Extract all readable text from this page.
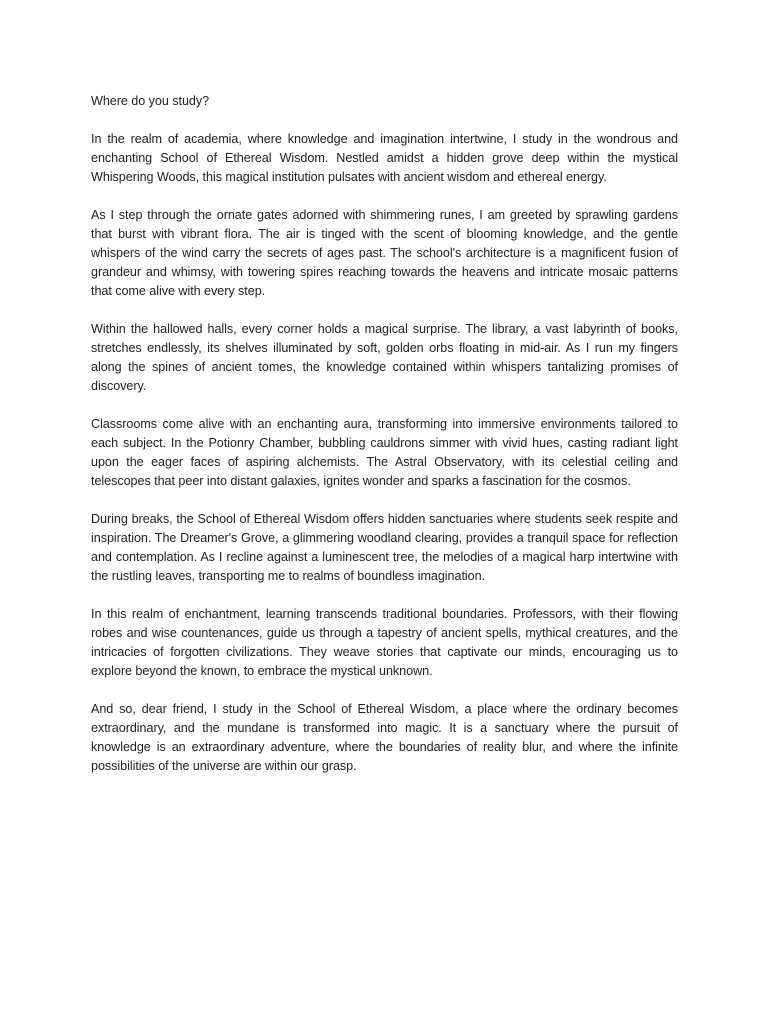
Where do you study?

In the realm of academia, where knowledge and imagination intertwine, I study in the wondrous and enchanting School of Ethereal Wisdom. Nestled amidst a hidden grove deep within the mystical Whispering Woods, this magical institution pulsates with ancient wisdom and ethereal energy.

As I step through the ornate gates adorned with shimmering runes, I am greeted by sprawling gardens that burst with vibrant flora. The air is tinged with the scent of blooming knowledge, and the gentle whispers of the wind carry the secrets of ages past. The school's architecture is a magnificent fusion of grandeur and whimsy, with towering spires reaching towards the heavens and intricate mosaic patterns that come alive with every step.

Within the hallowed halls, every corner holds a magical surprise. The library, a vast labyrinth of books, stretches endlessly, its shelves illuminated by soft, golden orbs floating in mid-air. As I run my fingers along the spines of ancient tomes, the knowledge contained within whispers tantalizing promises of discovery.

Classrooms come alive with an enchanting aura, transforming into immersive environments tailored to each subject. In the Potionry Chamber, bubbling cauldrons simmer with vivid hues, casting radiant light upon the eager faces of aspiring alchemists. The Astral Observatory, with its celestial ceiling and telescopes that peer into distant galaxies, ignites wonder and sparks a fascination for the cosmos.

During breaks, the School of Ethereal Wisdom offers hidden sanctuaries where students seek respite and inspiration. The Dreamer's Grove, a glimmering woodland clearing, provides a tranquil space for reflection and contemplation. As I recline against a luminescent tree, the melodies of a magical harp intertwine with the rustling leaves, transporting me to realms of boundless imagination.

In this realm of enchantment, learning transcends traditional boundaries. Professors, with their flowing robes and wise countenances, guide us through a tapestry of ancient spells, mythical creatures, and the intricacies of forgotten civilizations. They weave stories that captivate our minds, encouraging us to explore beyond the known, to embrace the mystical unknown.

And so, dear friend, I study in the School of Ethereal Wisdom, a place where the ordinary becomes extraordinary, and the mundane is transformed into magic. It is a sanctuary where the pursuit of knowledge is an extraordinary adventure, where the boundaries of reality blur, and where the infinite possibilities of the universe are within our grasp.
